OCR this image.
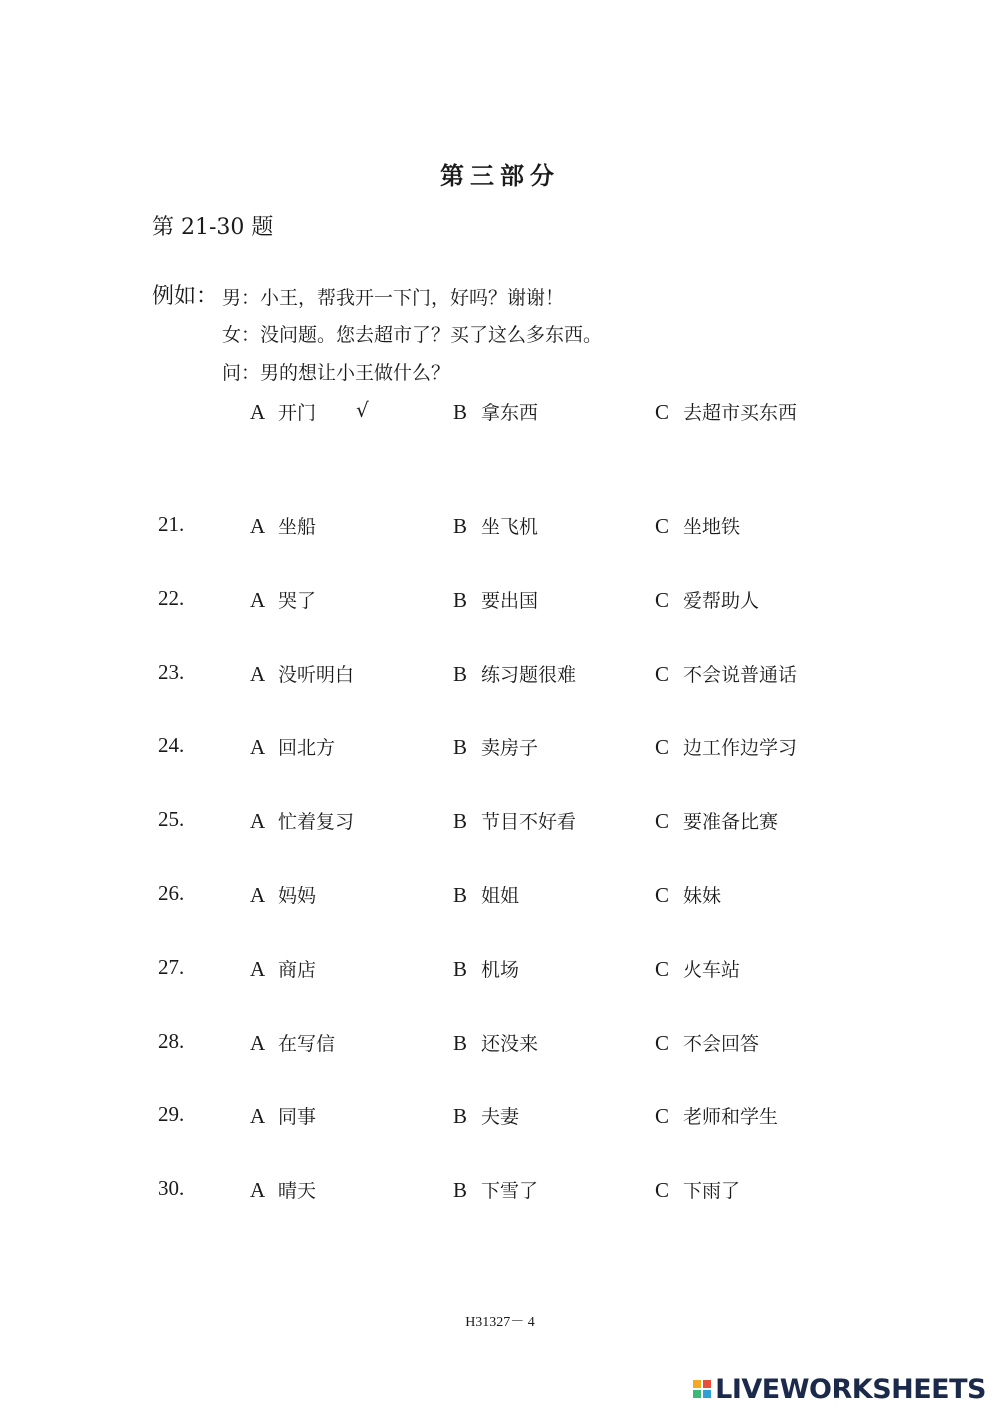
第三部分
第 21-30 题
例如： 男：小王，帮我开一下门，好吗？谢谢！
女：没问题。您去超市了？买了这么多东西。
问：男的想让小王做什么？
A 开门 √	B 拿东西	C 去超市买东西
21.	A 坐船	B 坐飞机	C 坐地铁
22.	A 哭了	B 要出国	C 爱帮助人
23.	A 没听明白	B 练习题很难	C 不会说普通话
24.	A 回北方	B 卖房子	C 边工作边学习
25.	A 忙着复习	B 节目不好看	C 要准备比赛
26.	A 妈妈	B 姐姐	C 妹妹
27.	A 商店	B 机场	C 火车站
28.	A 在写信	B 还没来	C 不会回答
29.	A 同事	B 夫妻	C 老师和学生
30.	A 晴天	B 下雪了	C 下雨了
H31327－ 4
LIVEWORKSHEETS
